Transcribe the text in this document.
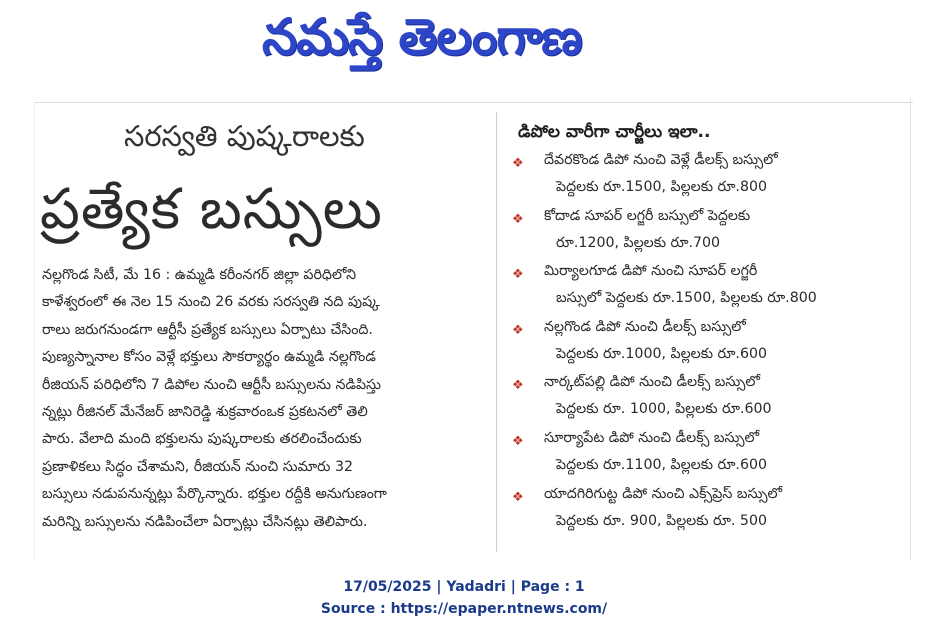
నమస్తే తెలంగాణ
సరస్వతి పుష్కరాలకు
ప్రత్యేక బస్సులు
నల్లగొండ సిటీ, మే 16 : ఉమ్మడి కరీంనగర్ జిల్లా పరిధిలోని
కాళేశ్వరంలో ఈ నెల 15 నుంచి 26 వరకు సరస్వతి నది పుష్క
రాలు జరుగనుండగా ఆర్టీసీ ప్రత్యేక బస్సులు ఏర్పాటు చేసింది.
పుణ్యస్నానాల కోసం వెళ్లే భక్తులు సౌకర్యార్థం ఉమ్మడి నల్లగొండ
రీజియన్ పరిధిలోని 7 డిపోల నుంచి ఆర్టీసీ బస్సులను నడిపిస్తు
న్నట్లు రీజినల్ మేనేజర్ జానిరెడ్డి శుక్రవారంఒక ప్రకటనలో తెలి
పారు. వేలాది మంది భక్తులను పుష్కరాలకు తరలించేందుకు
ప్రణాళికలు సిద్ధం చేశామని, రీజియన్ నుంచి సుమారు 32
బస్సులు నడుపనున్నట్లు పేర్కొన్నారు. భక్తుల రద్దీకి అనుగుణంగా
మరిన్ని బస్సులను నడిపించేలా ఏర్పాట్లు చేసినట్లు తెలిపారు.
డిపోల వారీగా చార్జీలు ఇలా..
❖ దేవరకొండ డిపో నుంచి వెళ్లే డీలక్స్ బస్సులో
పెద్దలకు రూ.1500, పిల్లలకు రూ.800
❖ కోదాడ సూపర్ లగ్జరీ బస్సులో పెద్దలకు
రూ.1200, పిల్లలకు రూ.700
❖ మిర్యాలగూడ డిపో నుంచి సూపర్ లగ్జరీ
బస్సులో పెద్దలకు రూ.1500, పిల్లలకు రూ.800
❖ నల్లగొండ డిపో నుంచి డీలక్స్ బస్సులో
పెద్దలకు రూ.1000, పిల్లలకు రూ.600
❖ నార్కట్‌పల్లి డిపో నుంచి డీలక్స్ బస్సులో
పెద్దలకు రూ. 1000, పిల్లలకు రూ.600
❖ సూర్యాపేట డిపో నుంచి డీలక్స్ బస్సులో
పెద్దలకు రూ.1100, పిల్లలకు రూ.600
❖ యాదగిరిగుట్ట డిపో నుంచి ఎక్స్‌ప్రెస్ బస్సులో
పెద్దలకు రూ. 900, పిల్లలకు రూ. 500
17/05/2025 | Yadadri | Page : 1
Source : https://epaper.ntnews.com/
